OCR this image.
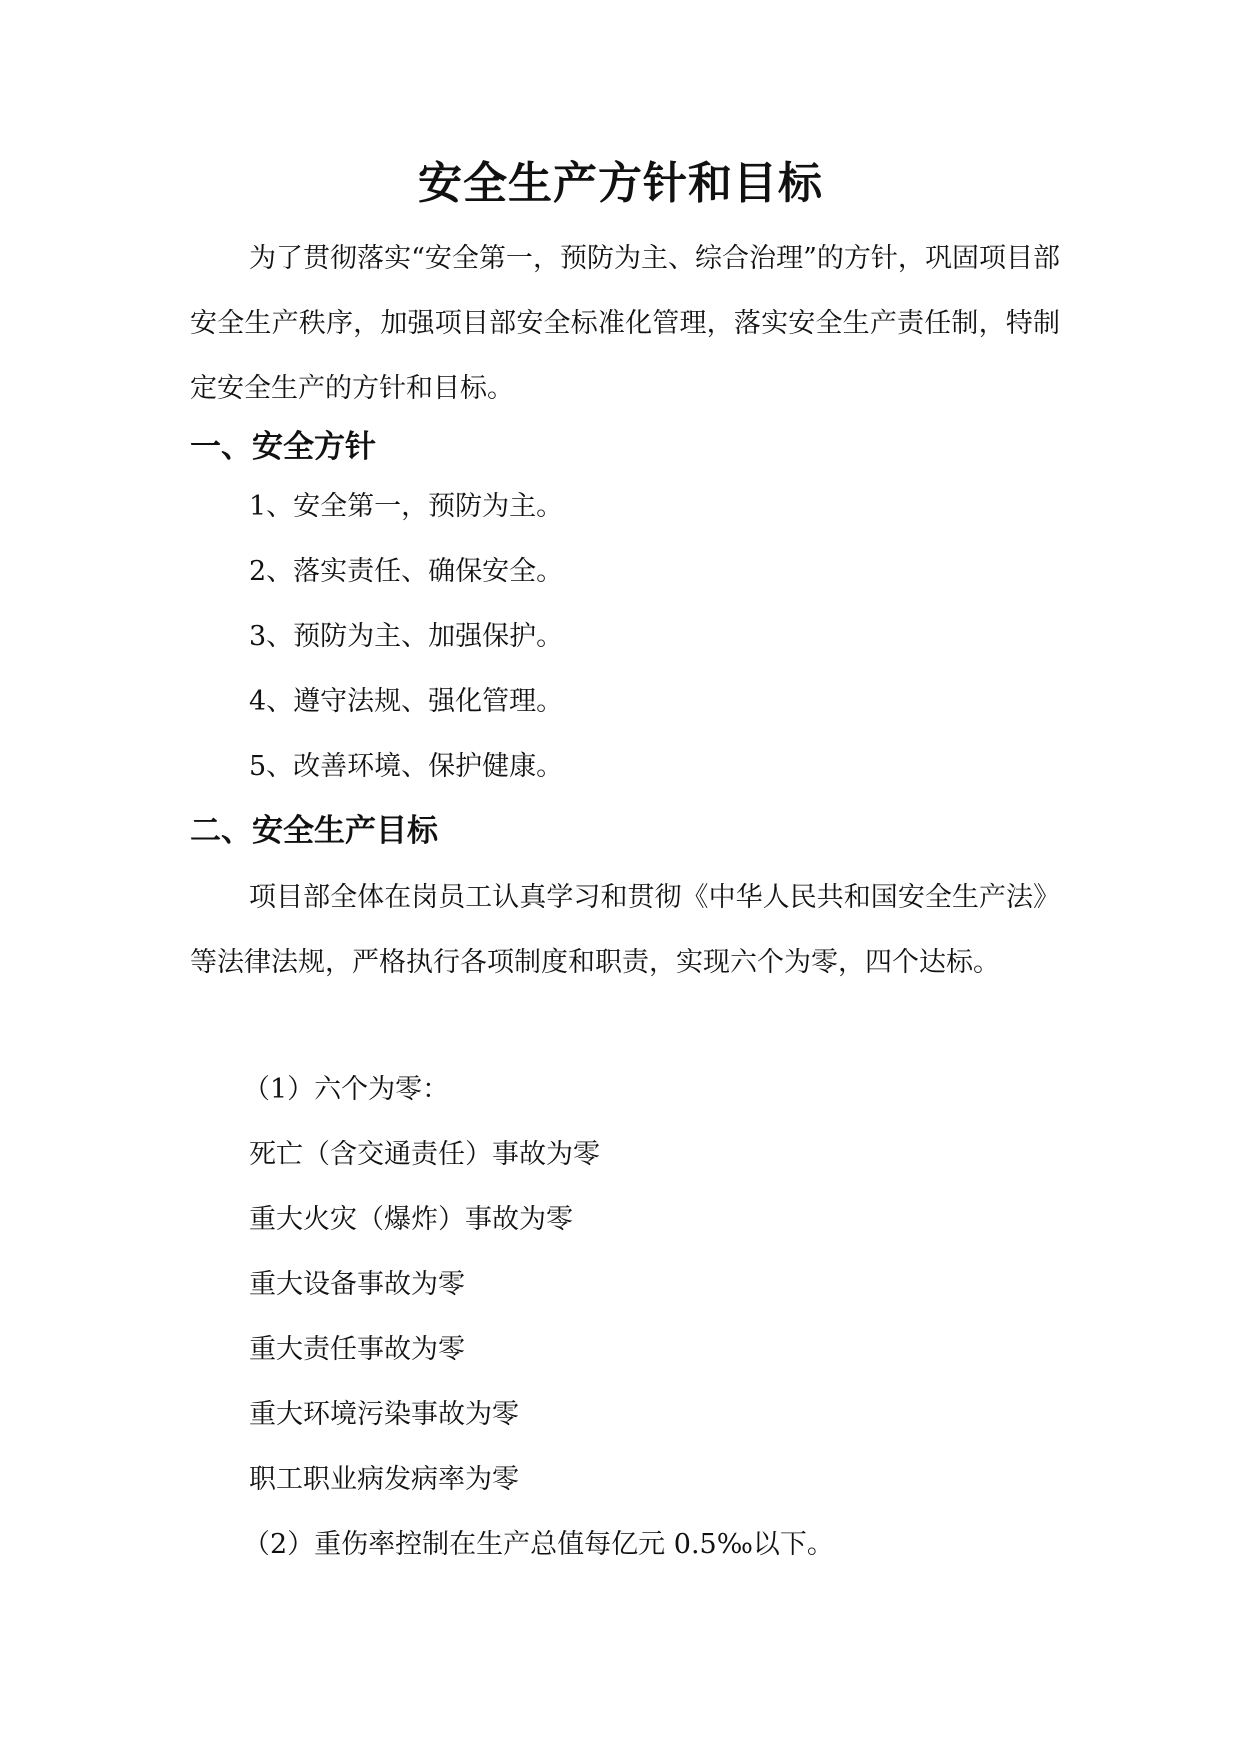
安全生产方针和目标

为了贯彻落实“安全第一，预防为主、综合治理”的方针，巩固项目部安全生产秩序，加强项目部安全标准化管理，落实安全生产责任制，特制定安全生产的方针和目标。

一、安全方针

1、安全第一，预防为主。

2、落实责任、确保安全。

3、预防为主、加强保护。

4、遵守法规、强化管理。

5、改善环境、保护健康。

二、安全生产目标

项目部全体在岗员工认真学习和贯彻《中华人民共和国安全生产法》等法律法规，严格执行各项制度和职责，实现六个为零，四个达标。

（1）六个为零：

死亡（含交通责任）事故为零

重大火灾（爆炸）事故为零

重大设备事故为零

重大责任事故为零

重大环境污染事故为零

职工职业病发病率为零

（2）重伤率控制在生产总值每亿元 0.5‰以下。
